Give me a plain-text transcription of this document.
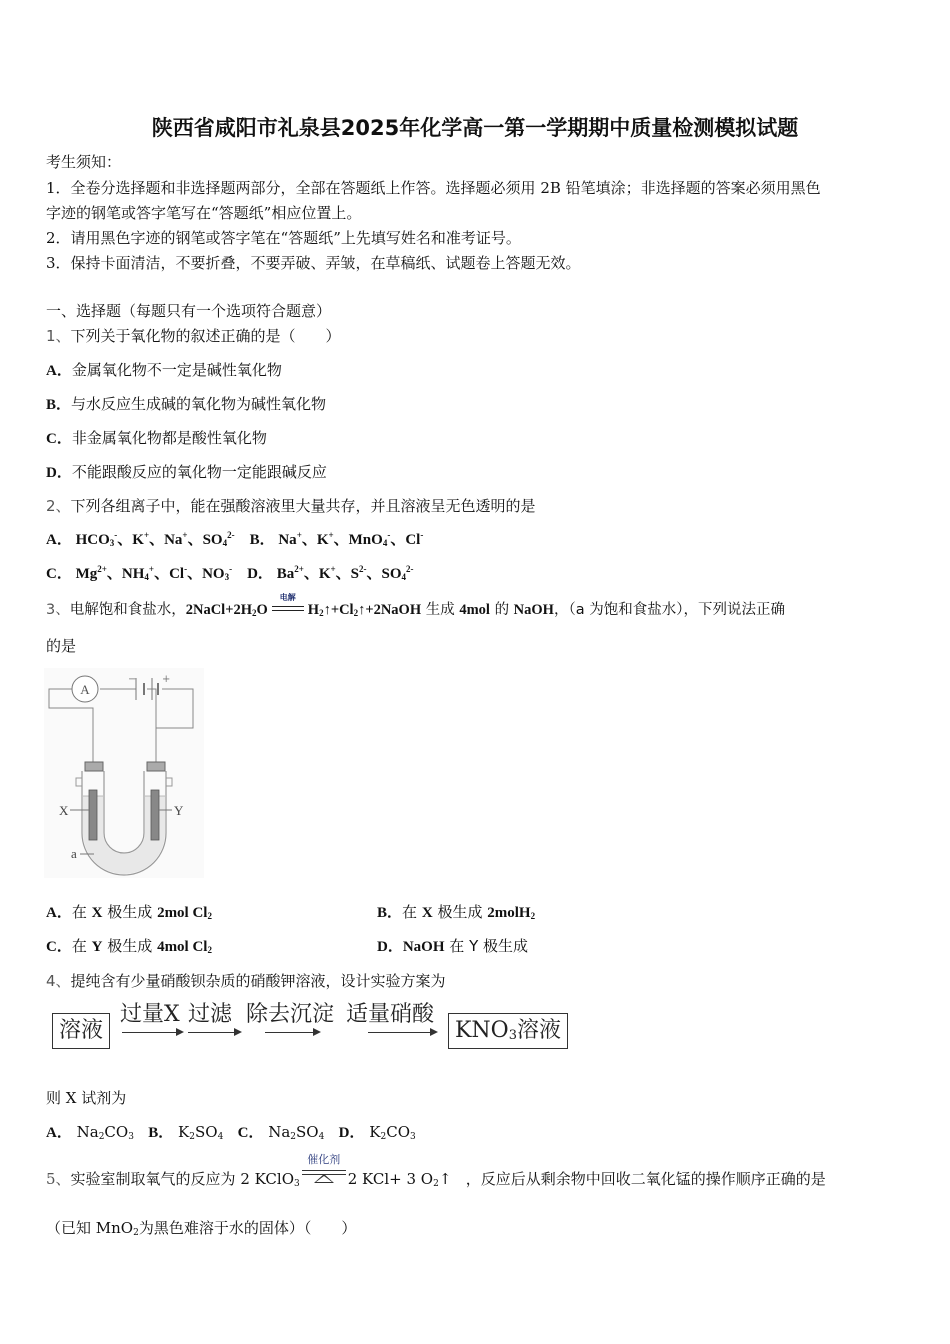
陕西省咸阳市礼泉县2025年化学高一第一学期期中质量检测模拟试题
考生须知：
1．全卷分选择题和非选择题两部分，全部在答题纸上作答。选择题必须用 2B 铅笔填涂；非选择题的答案必须用黑色
字迹的钢笔或答字笔写在“答题纸”相应位置上。
2．请用黑色字迹的钢笔或答字笔在“答题纸”上先填写姓名和准考证号。
3．保持卡面清洁，不要折叠，不要弄破、弄皱，在草稿纸、试题卷上答题无效。
一、选择题（每题只有一个选项符合题意）
1、下列关于氧化物的叙述正确的是（　　）
A．金属氧化物不一定是碱性氧化物
B．与水反应生成碱的氧化物为碱性氧化物
C．非金属氧化物都是酸性氧化物
D．不能跟酸反应的氧化物一定能跟碱反应
2、下列各组离子中，能在强酸溶液里大量共存，并且溶液呈无色透明的是
A． $HCO_3^-$、K+、Na+、$SO_4^{2-}$ B． Na+、K+、MnO$_4$-、Cl-
C． $Mg^{2+}$、$NH_4^+$、Cl-、$NO_3^-$ D． $Ba^{2+}$、K+、$S^{2-}$、$SO_4^{2-}$
3、电解饱和食盐水，$2NaCl+2H_2O$
电解
$H_2↑+Cl_2↑+2NaOH$ 生成 4mol 的 NaOH，（a 为饱和食盐水），下列说法正确
的是
A
−	+
X	Y
a
A．在 X 极生成 2mol $Cl_2$	B．在 X 极生成 2molH$_2$
C．在 Y 极生成 4mol $Cl_2$	D．NaOH 在 Y 极生成
4、提纯含有少量硝酸钡杂质的硝酸钾溶液，设计实验方案为
溶液
过量X 过滤 除去沉淀 适量硝酸
$KNO_3$溶液
则 X 试剂为
A． $Na_2CO_3$ B． $K_2SO_4$ C． $Na_2SO_4$ D． $K_2CO_3$
5、实验室制取氧气的反应为 2 KClO$_3$
催化剂
2 KCl+ 3 $O_2↑$ ，反应后从剩余物中回收二氧化锰的操作顺序正确的是
（已知 MnO$_2$为黑色难溶于水的固体）（　　）
